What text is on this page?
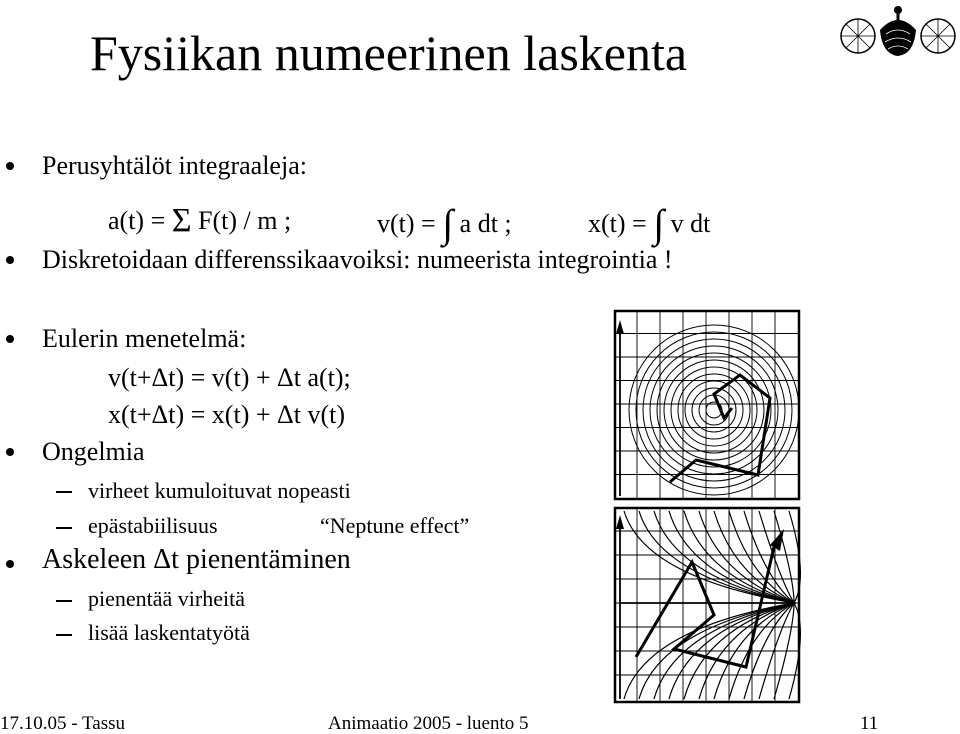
Fysiikan numeerinen laskenta
Perusyhtälöt integraaleja:
a(t) = Σ F(t) / m ;	v(t) = ∫ a dt ;	x(t) = ∫ v dt
Diskretoidaan differenssikaavoiksi: numeerista integrointia !
Eulerin menetelmä:
v(t+Δt) = v(t) + Δt a(t);
x(t+Δt) = x(t) + Δt v(t)
Ongelmia
virheet kumuloituvat nopeasti
epästabiilisuus	“Neptune effect”
Askeleen Δt pienentäminen
pienentää virheitä
lisää laskentatyötä
17.10.05 - Tassu	Animaatio 2005 - luento 5	11
